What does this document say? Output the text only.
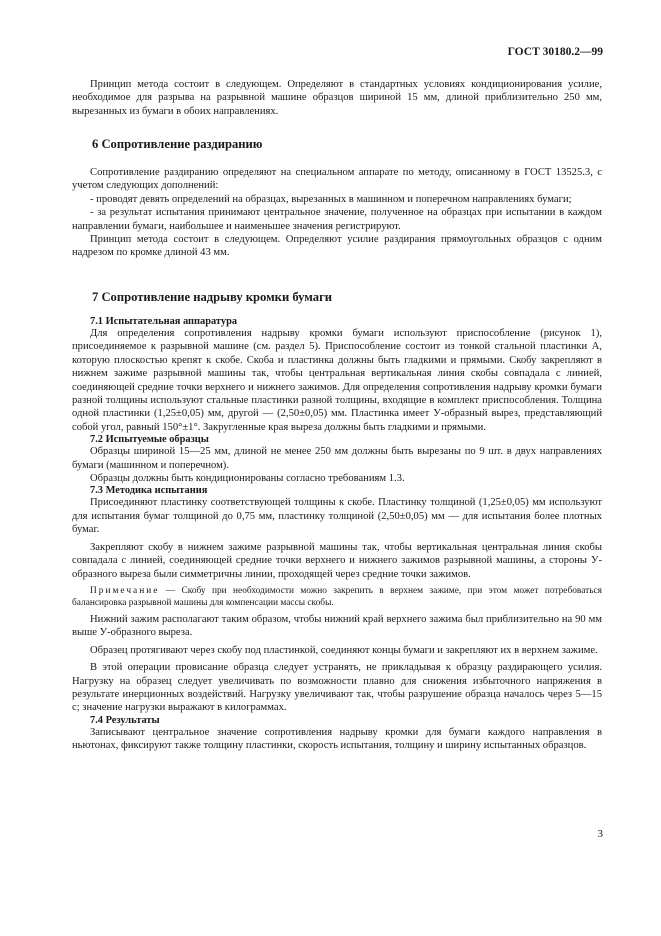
ГОСТ 30180.2—99

Принцип метода состоит в следующем. Определяют в стандартных условиях кондиционирования усилие, необходимое для разрыва на разрывной машине образцов шириной 15 мм, длиной приблизительно 250 мм, вырезанных из бумаги в обоих направлениях.

6 Сопротивление раздиранию

Сопротивление раздиранию определяют на специальном аппарате по методу, описанному в ГОСТ 13525.3, с учетом следующих дополнений:

- проводят девять определений на образцах, вырезанных в машинном и поперечном направлениях бумаги;

- за результат испытания принимают центральное значение, полученное на образцах при испытании в каждом направлении бумаги, наибольшее и наименьшее значения регистрируют.

Принцип метода состоит в следующем. Определяют усилие раздирания прямоугольных образцов с одним надрезом по кромке длиной 43 мм.

7 Сопротивление надрыву кромки бумаги

7.1 Испытательная аппаратура

Для определения сопротивления надрыву кромки бумаги используют приспособление (рисунок 1), присоединяемое к разрывной машине (см. раздел 5). Приспособление состоит из тонкой стальной пластинки А, которую плоскостью крепят к скобе. Скоба и пластинка должны быть гладкими и прямыми. Скобу закрепляют в нижнем зажиме разрывной машины так, чтобы центральная вертикальная линия скобы совпадала с линией, соединяющей средние точки верхнего и нижнего зажимов. Для определения сопротивления надрыву кромки бумаги разной толщины используют стальные пластинки разной толщины, входящие в комплект приспособления. Толщина одной пластинки (1,25±0,05) мм, другой — (2,50±0,05) мм. Пластинка имеет У-образный вырез, представляющий собой угол, равный 150°±1°. Закругленные края выреза должны быть гладкими и прямыми.

7.2 Испытуемые образцы

Образцы шириной 15—25 мм, длиной не менее 250 мм должны быть вырезаны по 9 шт. в двух направлениях бумаги (машинном и поперечном).

Образцы должны быть кондиционированы согласно требованиям 1.3.

7.3 Методика испытания

Присоединяют пластинку соответствующей толщины к скобе. Пластинку толщиной (1,25±0,05) мм используют для испытания бумаг толщиной до 0,75 мм, пластинку толщиной (2,50±0,05) мм — для испытания более плотных бумаг.

Закрепляют скобу в нижнем зажиме разрывной машины так, чтобы вертикальная центральная линия скобы совпадала с линией, соединяющей средние точки верхнего и нижнего зажимов разрывной машины, а стороны У-образного выреза были симметричны линии, проходящей через средние точки зажимов.

Примечание — Скобу при необходимости можно закрепить в верхнем зажиме, при этом может потребоваться балансировка разрывной машины для компенсации массы скобы.

Нижний зажим располагают таким образом, чтобы нижний край верхнего зажима был приблизительно на 90 мм выше У-образного выреза.

Образец протягивают через скобу под пластинкой, соединяют концы бумаги и закрепляют их в верхнем зажиме.

В этой операции провисание образца следует устранять, не прикладывая к образцу раздирающего усилия. Нагрузку на образец следует увеличивать по возможности плавно для снижения избыточного напряжения в результате инерционных воздействий. Нагрузку увеличивают так, чтобы разрушение образца началось через 5—15 с; значение нагрузки выражают в килограммах.

7.4 Результаты

Записывают центральное значение сопротивления надрыву кромки для бумаги каждого направления в ньютонах, фиксируют также толщину пластинки, скорость испытания, толщину и ширину испытанных образцов.

3
